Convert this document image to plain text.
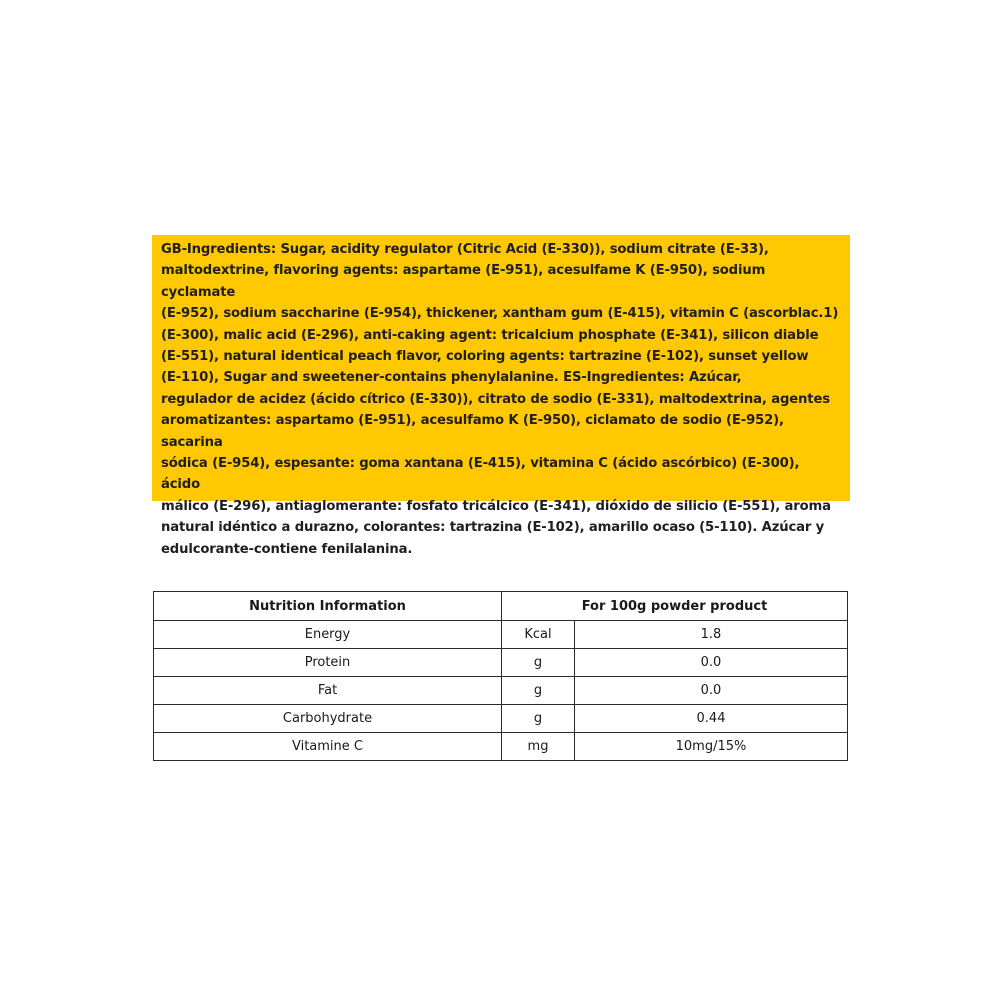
GB-Ingredients: Sugar, acidity regulator (Citric Acid (E-330)), sodium citrate (E-33),
maltodextrine, flavoring agents: aspartame (E-951), acesulfame K (E-950), sodium cyclamate
(E-952), sodium saccharine (E-954), thickener, xantham gum (E-415), vitamin C (ascorblac.1)
(E-300), malic acid (E-296), anti-caking agent: tricalcium phosphate (E-341), silicon diable
(E-551), natural identical peach flavor, coloring agents: tartrazine (E-102), sunset yellow
(E-110), Sugar and sweetener-contains phenylalanine. ES-Ingredientes: Azúcar,
regulador de acidez (ácido cítrico (E-330)), citrato de sodio (E-331), maltodextrina, agentes
aromatizantes: aspartamo (E-951), acesulfamo K (E-950), ciclamato de sodio (E-952), sacarina
sódica (E-954), espesante: goma xantana (E-415), vitamina C (ácido ascórbico) (E-300), ácido
málico (E-296), antiaglomerante: fosfato tricálcico (E-341), dióxido de silicio (E-551), aroma
natural idéntico a durazno, colorantes: tartrazina (E-102), amarillo ocaso (5-110). Azúcar y
edulcorante-contiene fenilalanina.

Nutrition Information	For 100g powder product	
Energy	Kcal	1.8
Protein	g	0.0
Fat	g	0.0
Carbohydrate	g	0.44
Vitamine C	mg	10mg/15%
